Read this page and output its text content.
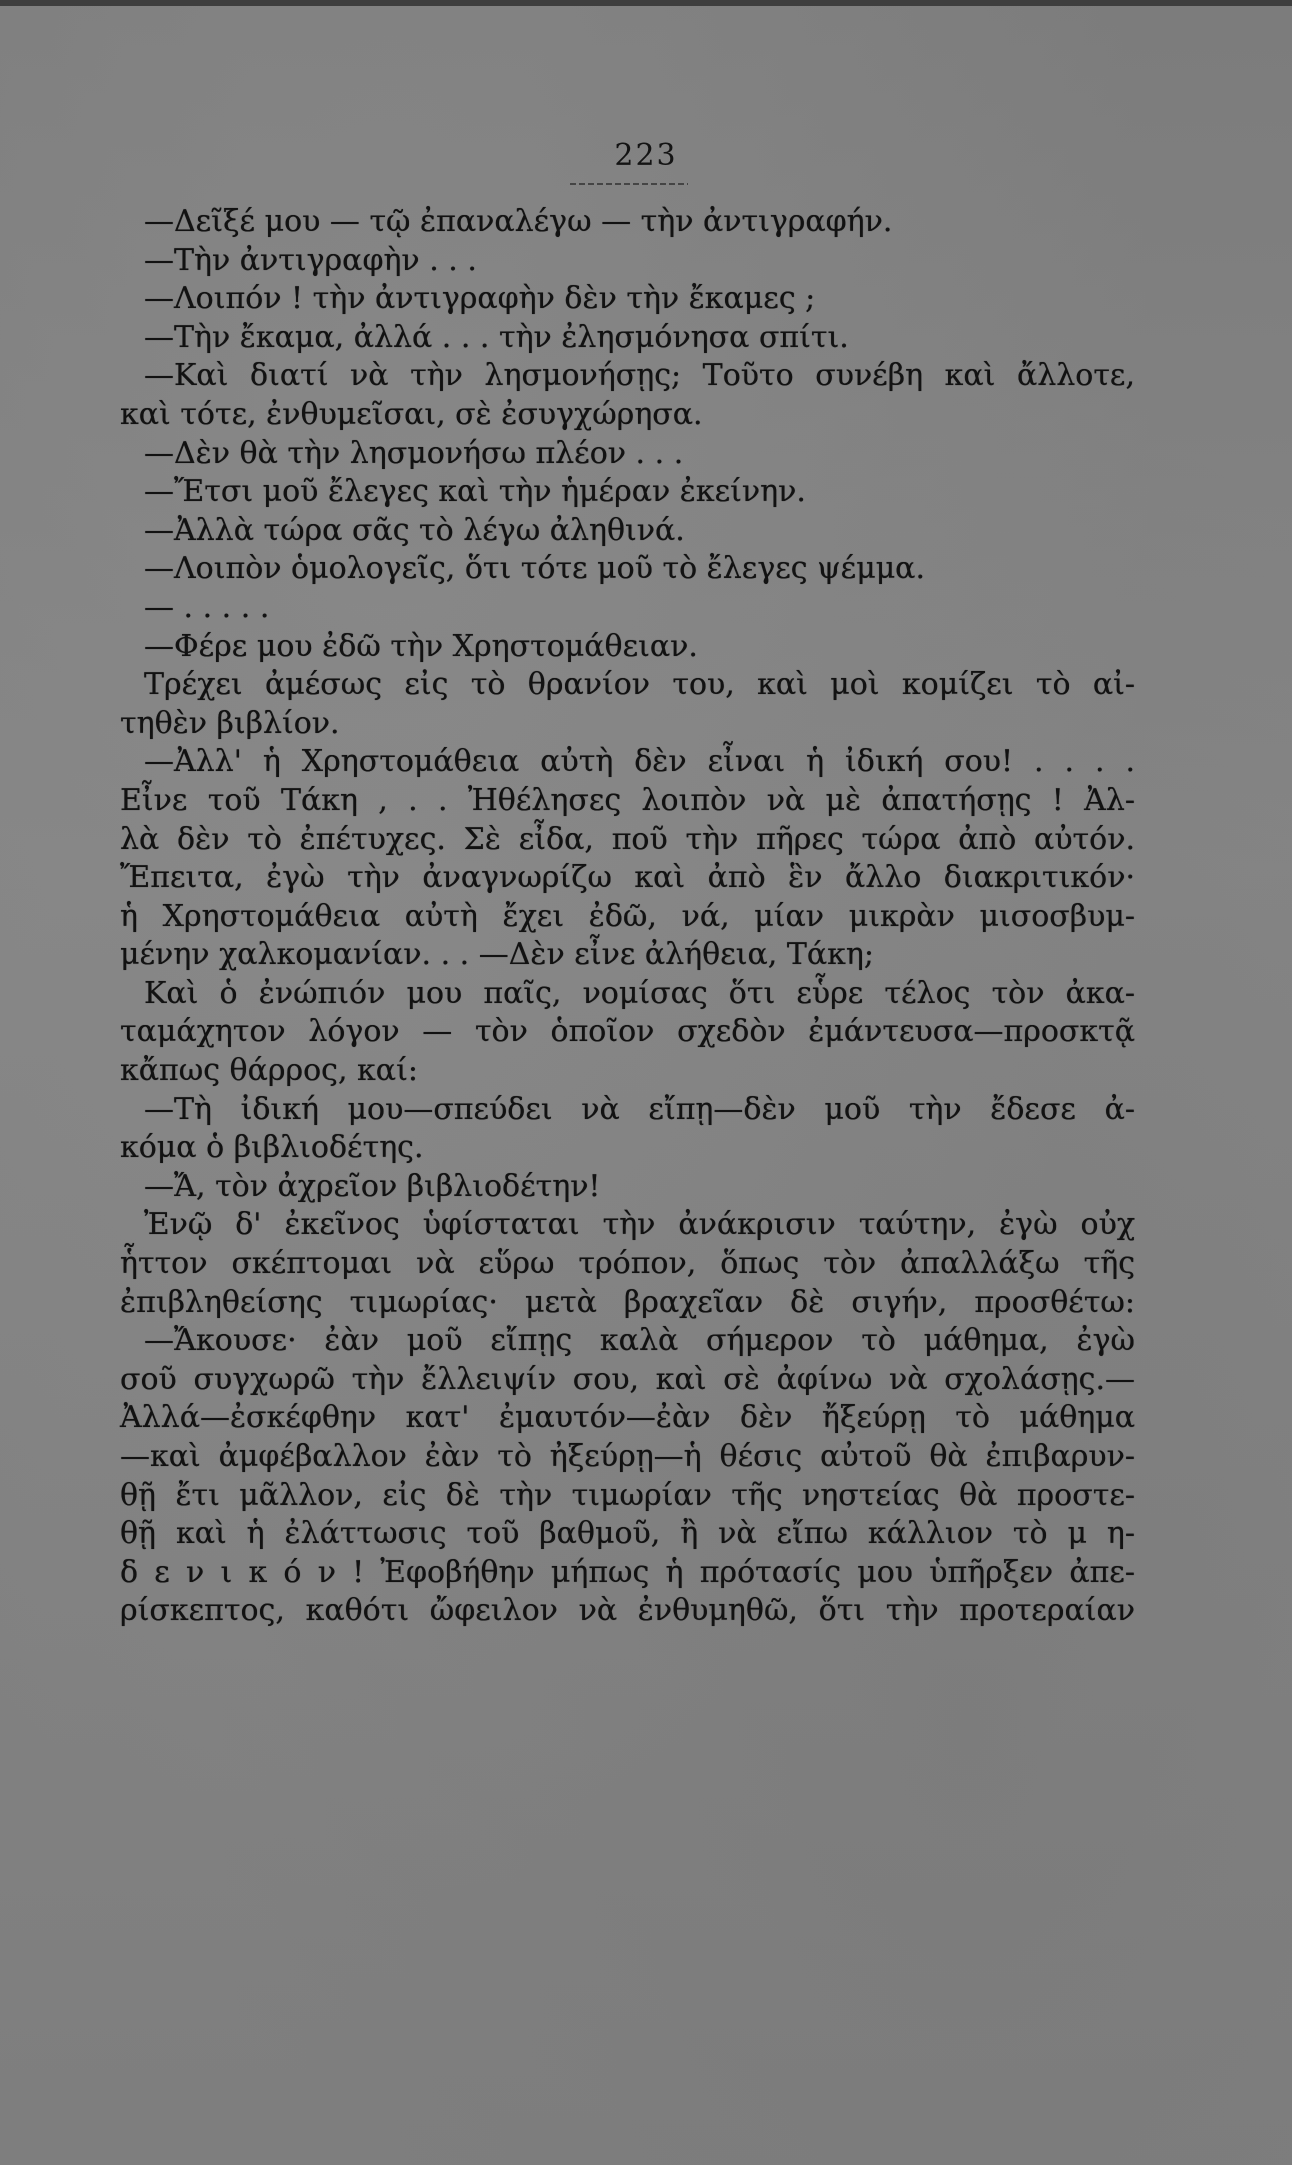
223
—Δεῖξέ μου — τῷ ἐπαναλέγω — τὴν ἀντιγραφήν.
—Τὴν ἀντιγραφὴν . . .
—Λοιπόν ! τὴν ἀντιγραφὴν δὲν τὴν ἔκαμες ;
—Τὴν ἔκαμα, ἀλλά . . . τὴν ἐλησμόνησα σπίτι.
—Καὶ διατί νὰ τὴν λησμονήσῃς; Τοῦτο συνέβη καὶ ἄλλοτε,
καὶ τότε, ἐνθυμεῖσαι, σὲ ἐσυγχώρησα.
—Δὲν θὰ τὴν λησμονήσω πλέον . . .
—Ἔτσι μοῦ ἔλεγες καὶ τὴν ἡμέραν ἐκείνην.
—Ἀλλὰ τώρα σᾶς τὸ λέγω ἀληθινά.
—Λοιπὸν ὁμολογεῖς, ὅτι τότε μοῦ τὸ ἔλεγες ψέμμα.
— . . . . .
—Φέρε μου ἐδῶ τὴν Χρηστομάθειαν.
Τρέχει ἀμέσως εἰς τὸ θρανίον του, καὶ μοὶ κομίζει τὸ αἰ-
τηθὲν βιβλίον.
—Ἀλλ' ἡ Χρηστομάθεια αὐτὴ δὲν εἶναι ἡ ἰδική σου! . . . .
Εἶνε τοῦ Τάκη , . . Ἠθέλησες λοιπὸν νὰ μὲ ἀπατήσῃς ! Ἀλ-
λὰ δὲν τὸ ἐπέτυχες. Σὲ εἶδα, ποῦ τὴν πῆρες τώρα ἀπὸ αὐτόν.
Ἔπειτα, ἐγὼ τὴν ἀναγνωρίζω καὶ ἀπὸ ἓν ἄλλο διακριτικόν·
ἡ Χρηστομάθεια αὐτὴ ἔχει ἐδῶ, νά, μίαν μικρὰν μισοσβυμ-
μένην χαλκομανίαν. . . —Δὲν εἶνε ἀλήθεια, Τάκη;
Καὶ ὁ ἐνώπιόν μου παῖς, νομίσας ὅτι εὗρε τέλος τὸν ἀκα-
ταμάχητον λόγον — τὸν ὁποῖον σχεδὸν ἐμάντευσα—προσκτᾷ
κἄπως θάρρος, καί:
—Τὴ ἰδική μου—σπεύδει νὰ εἴπῃ—δὲν μοῦ τὴν ἔδεσε ἀ-
κόμα ὁ βιβλιοδέτης.
—Ἄ, τὸν ἀχρεῖον βιβλιοδέτην!
Ἐνῷ δ' ἐκεῖνος ὑφίσταται τὴν ἀνάκρισιν ταύτην, ἐγὼ οὐχ
ἧττον σκέπτομαι νὰ εὕρω τρόπον, ὅπως τὸν ἀπαλλάξω τῆς
ἐπιβληθείσης τιμωρίας· μετὰ βραχεῖαν δὲ σιγήν, προσθέτω:
—Ἄκουσε· ἐὰν μοῦ εἴπῃς καλὰ σήμερον τὸ μάθημα, ἐγὼ
σοῦ συγχωρῶ τὴν ἔλλειψίν σου, καὶ σὲ ἀφίνω νὰ σχολάσῃς.—
Ἀλλά—ἐσκέφθην κατ' ἐμαυτόν—ἐὰν δὲν ἤξεύρῃ τὸ μάθημα
—καὶ ἀμφέβαλλον ἐὰν τὸ ἠξεύρῃ—ἡ θέσις αὐτοῦ θὰ ἐπιβαρυν-
θῇ ἔτι μᾶλλον, εἰς δὲ τὴν τιμωρίαν τῆς νηστείας θὰ προστε-
θῇ καὶ ἡ ἐλάττωσις τοῦ βαθμοῦ, ἢ νὰ εἴπω κάλλιον τὸ μ η-
δ ε ν ι κ ό ν ! Ἐφοβήθην μήπως ἡ πρότασίς μου ὑπῆρξεν ἀπε-
ρίσκεπτος, καθότι ὤφειλον νὰ ἐνθυμηθῶ, ὅτι τὴν προτεραίαν
